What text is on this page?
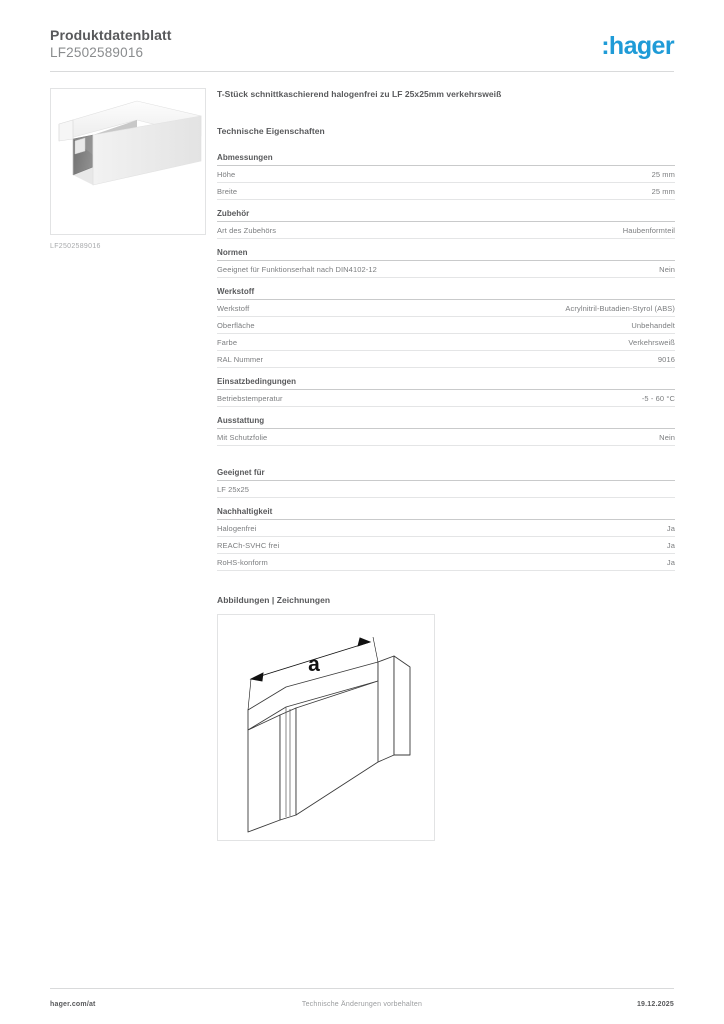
Produktdatenblatt
LF2502589016	:hager
LF2502589016
T-Stück schnittkaschierend halogenfrei zu LF 25x25mm verkehrsweiß
Technische Eigenschaften
Abmessungen
Höhe	25 mm
Breite	25 mm
Zubehör
Art des Zubehörs	Haubenformteil
Normen
Geeignet für Funktionserhalt nach DIN4102-12	Nein
Werkstoff
Werkstoff	Acrylnitril-Butadien-Styrol (ABS)
Oberfläche	Unbehandelt
Farbe	Verkehrsweiß
RAL Nummer	9016
Einsatzbedingungen
Betriebstemperatur	-5 - 60 °C
Ausstattung
Mit Schutzfolie	Nein
Geeignet für
LF 25x25
Nachhaltigkeit
Halogenfrei	Ja
REACh-SVHC frei	Ja
RoHS-konform	Ja
Abbildungen | Zeichnungen
a
hager.com/at	Technische Änderungen vorbehalten	19.12.2025
